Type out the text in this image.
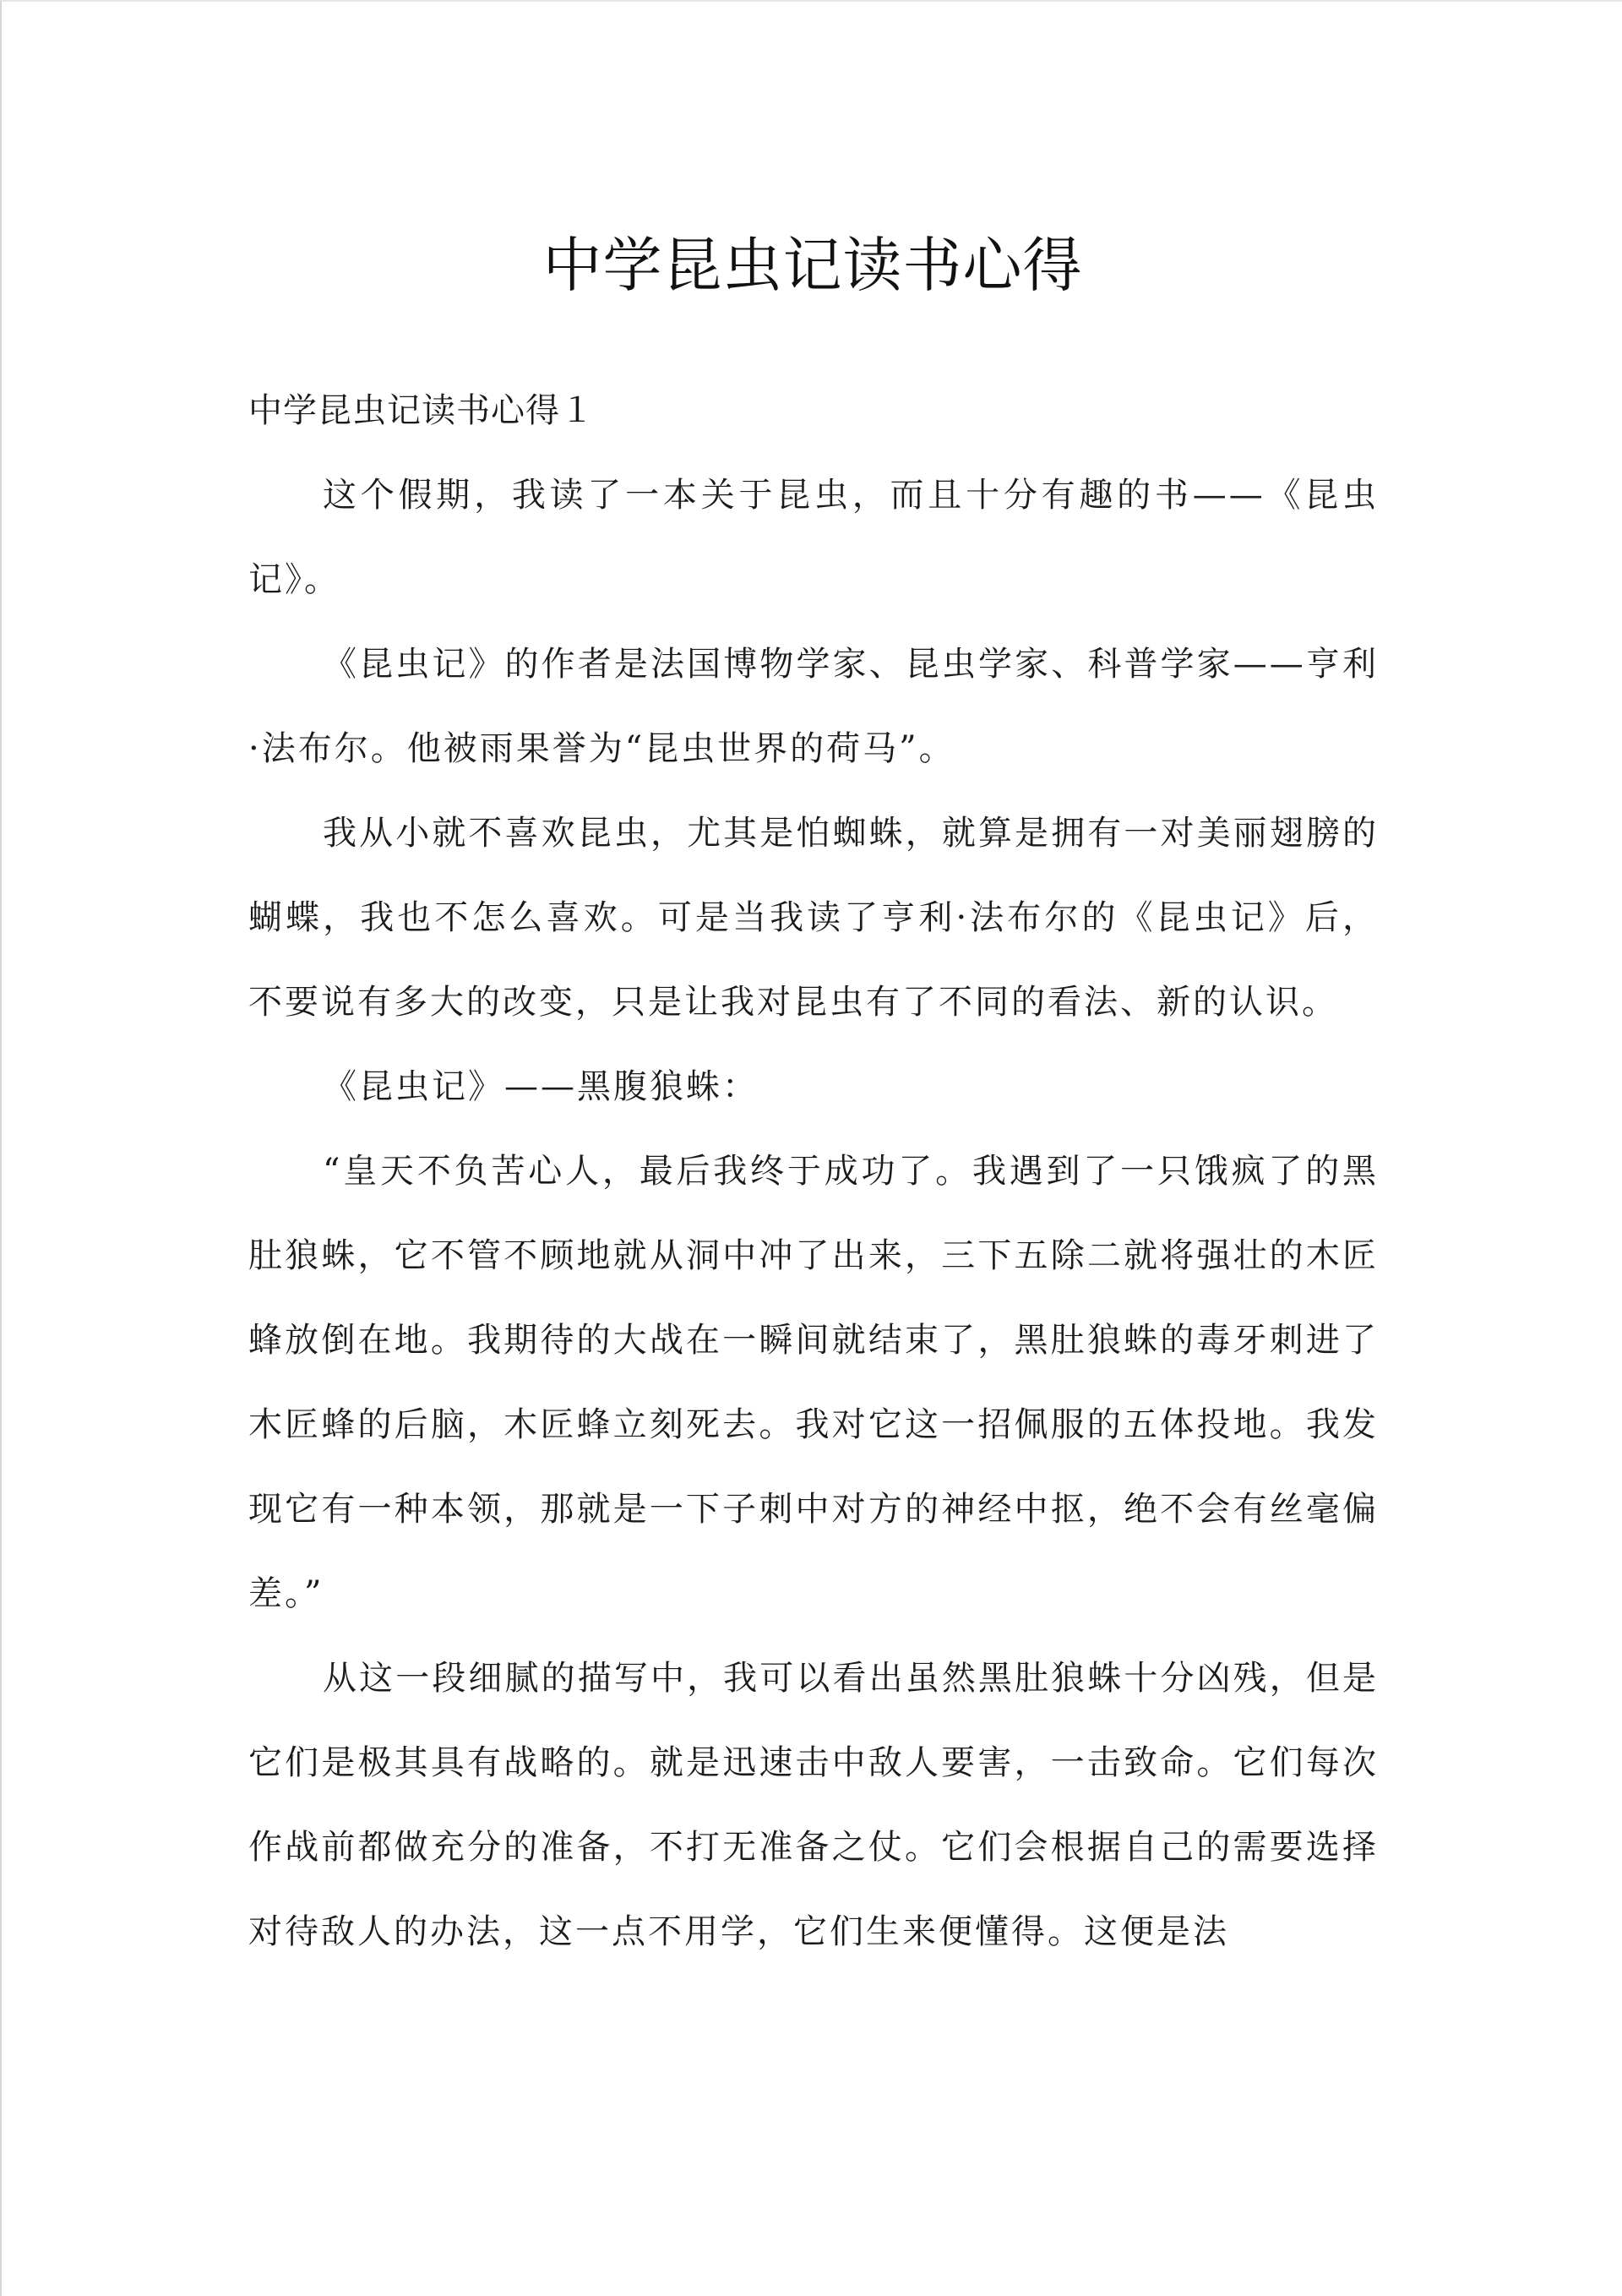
中学昆虫记读书心得

中学昆虫记读书心得１

这个假期，我读了一本关于昆虫，而且十分有趣的书——《昆虫记》。

《昆虫记》的作者是法国博物学家、昆虫学家、科普学家——亨利·法布尔。他被雨果誉为“昆虫世界的荷马”。

我从小就不喜欢昆虫，尤其是怕蜘蛛，就算是拥有一对美丽翅膀的蝴蝶，我也不怎么喜欢。可是当我读了亨利·法布尔的《昆虫记》后，不要说有多大的改变，只是让我对昆虫有了不同的看法、新的认识。

《昆虫记》——黑腹狼蛛：

“皇天不负苦心人，最后我终于成功了。我遇到了一只饿疯了的黑肚狼蛛，它不管不顾地就从洞中冲了出来，三下五除二就将强壮的木匠蜂放倒在地。我期待的大战在一瞬间就结束了，黑肚狼蛛的毒牙刺进了木匠蜂的后脑，木匠蜂立刻死去。我对它这一招佩服的五体投地。我发现它有一种本领，那就是一下子刺中对方的神经中抠，绝不会有丝毫偏差。”

从这一段细腻的描写中，我可以看出虽然黑肚狼蛛十分凶残，但是它们是极其具有战略的。就是迅速击中敌人要害，一击致命。它们每次作战前都做充分的准备，不打无准备之仗。它们会根据自己的需要选择对待敌人的办法，这一点不用学，它们生来便懂得。这便是法
